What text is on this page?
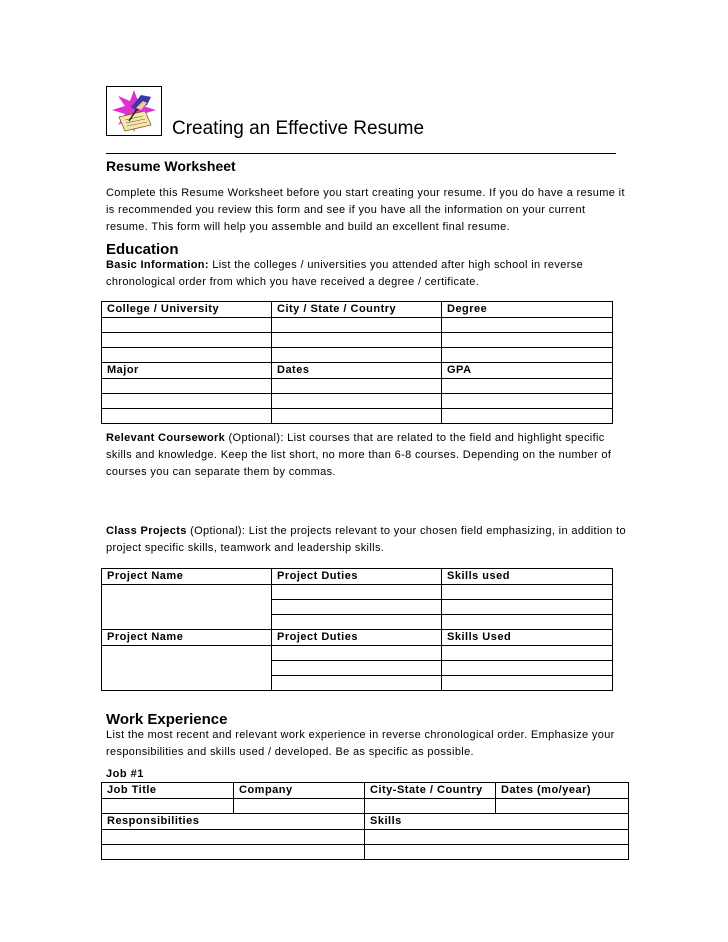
Creating an Effective Resume
Resume Worksheet
Complete this Resume Worksheet before you start creating your resume. If you do have a resume it is recommended you review this form and see if you have all the information on your current resume. This form will help you assemble and build an excellent final resume.
Education
Basic Information: List the colleges / universities you attended after high school in reverse chronological order from which you have received a degree / certificate.
College / University	City / State / Country	Degree

Major	Dates	GPA

Relevant Coursework (Optional): List courses that are related to the field and highlight specific skills and knowledge. Keep the list short, no more than 6-8 courses. Depending on the number of courses you can separate them by commas.
Class Projects (Optional): List the projects relevant to your chosen field emphasizing, in addition to project specific skills, teamwork and leadership skills.
Project Name	Project Duties	Skills used

Project Name	Project Duties	Skills Used

Work Experience
List the most recent and relevant work experience in reverse chronological order. Emphasize your responsibilities and skills used / developed. Be as specific as possible.
Job #1
Job Title	Company	City-State / Country	Dates (mo/year)

Responsibilities		Skills	
